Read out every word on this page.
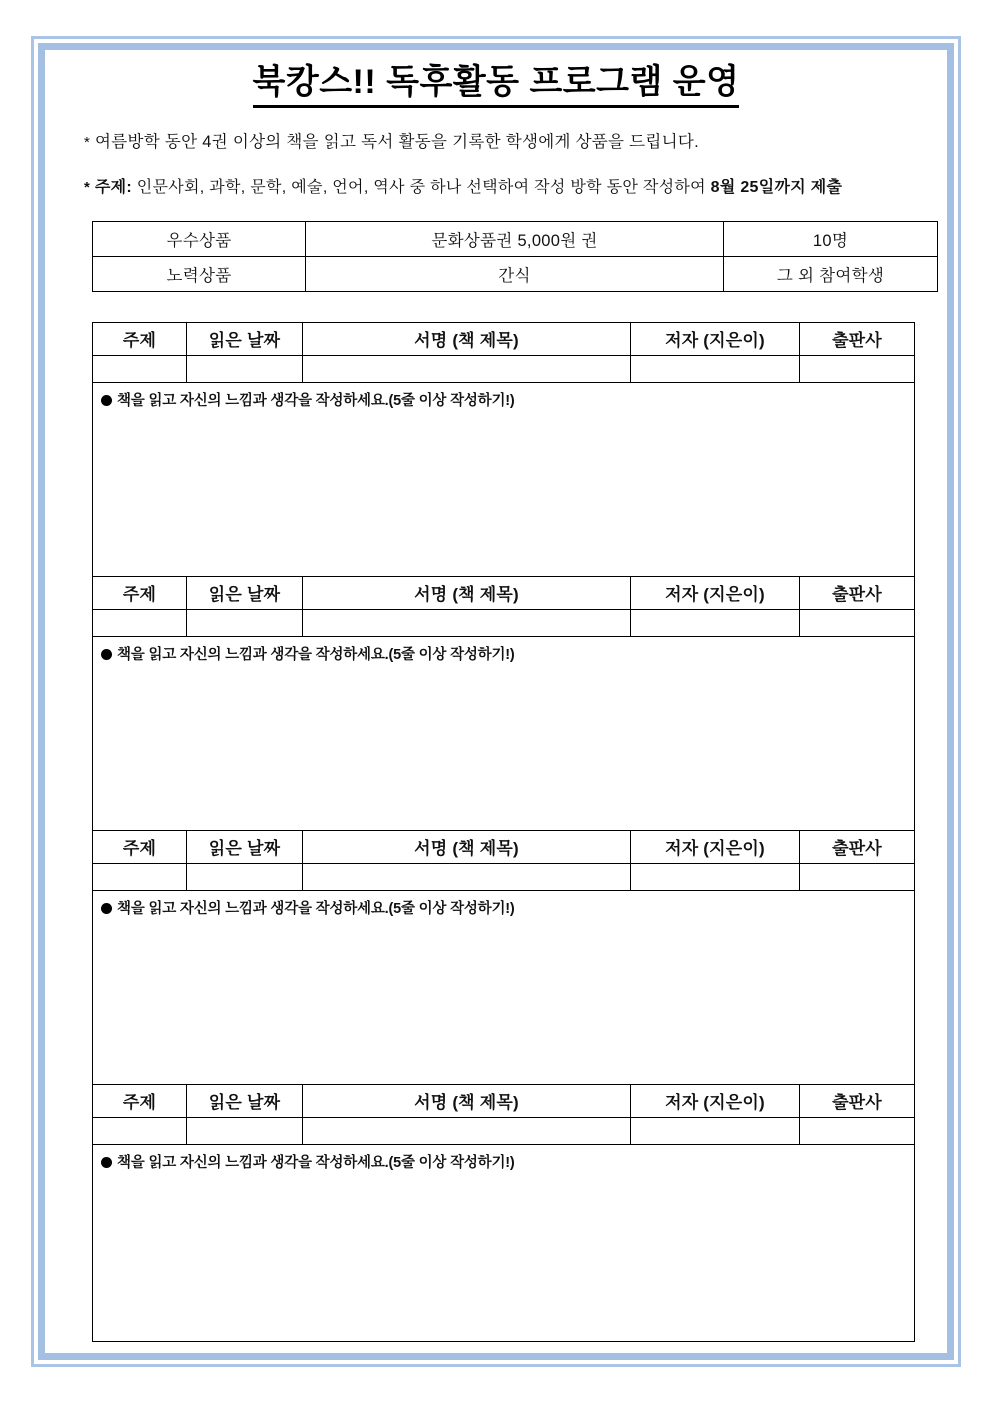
북캉스!! 독후활동 프로그램 운영

* 여름방학 동안 4권 이상의 책을 읽고 독서 활동을 기록한 학생에게 상품을 드립니다.

* 주제: 인문사회, 과학, 문학, 예술, 언어, 역사 중 하나 선택하여 작성 방학 동안 작성하여 8월 25일까지 제출

우수상품	문화상품권 5,000원 권	10명
노력상품	간식	그 외 참여학생
주제	읽은 날짜	서명 (책 제목)	저자 (지은이)	출판사

책을 읽고 자신의 느낌과 생각을 작성하세요.(5줄 이상 작성하기!)				

주제	읽은 날짜	서명 (책 제목)	저자 (지은이)	출판사

책을 읽고 자신의 느낌과 생각을 작성하세요.(5줄 이상 작성하기!)				

주제	읽은 날짜	서명 (책 제목)	저자 (지은이)	출판사

책을 읽고 자신의 느낌과 생각을 작성하세요.(5줄 이상 작성하기!)				

주제	읽은 날짜	서명 (책 제목)	저자 (지은이)	출판사

책을 읽고 자신의 느낌과 생각을 작성하세요.(5줄 이상 작성하기!)				
